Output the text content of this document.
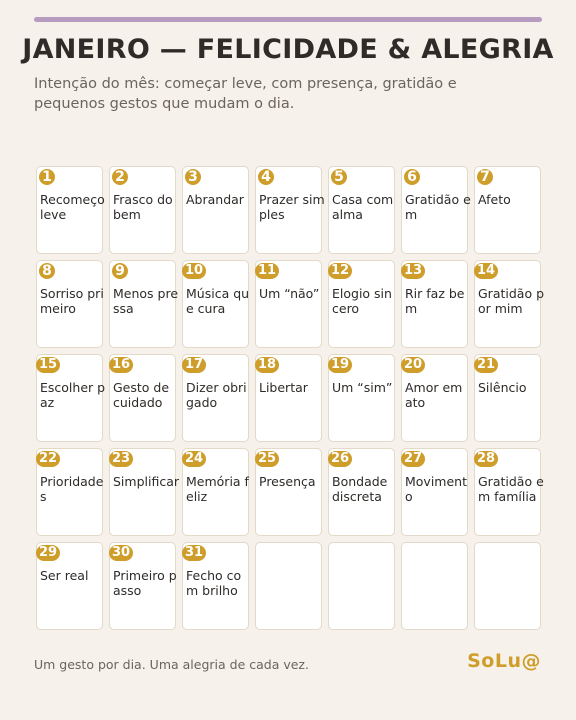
JANEIRO — FELICIDADE & ALEGRIA
Intenção do mês: começar leve, com presença, gratidão e pequenos gestos que mudam o dia.
1
Recomeço leve
2
Frasco do bem
3
Abrandar
4
Prazer simples
5
Casa com alma
6
Gratidão em
7
Afeto
8
Sorriso primeiro
9
Menos pressa
10
Música que cura
11
Um “não”
12
Elogio sincero
13
Rir faz bem
14
Gratidão por mim
15
Escolher paz
16
Gesto de cuidado
17
Dizer obrigado
18
Libertar
19
Um “sim”
20
Amor em ato
21
Silêncio
22
Prioridades
23
Simplificar
24
Memória feliz
25
Presença
26
Bondade discreta
27
Movimento
28
Gratidão em família
29
Ser real
30
Primeiro passo
31
Fecho com brilho
Um gesto por dia. Uma alegria de cada vez.	SoLu@
